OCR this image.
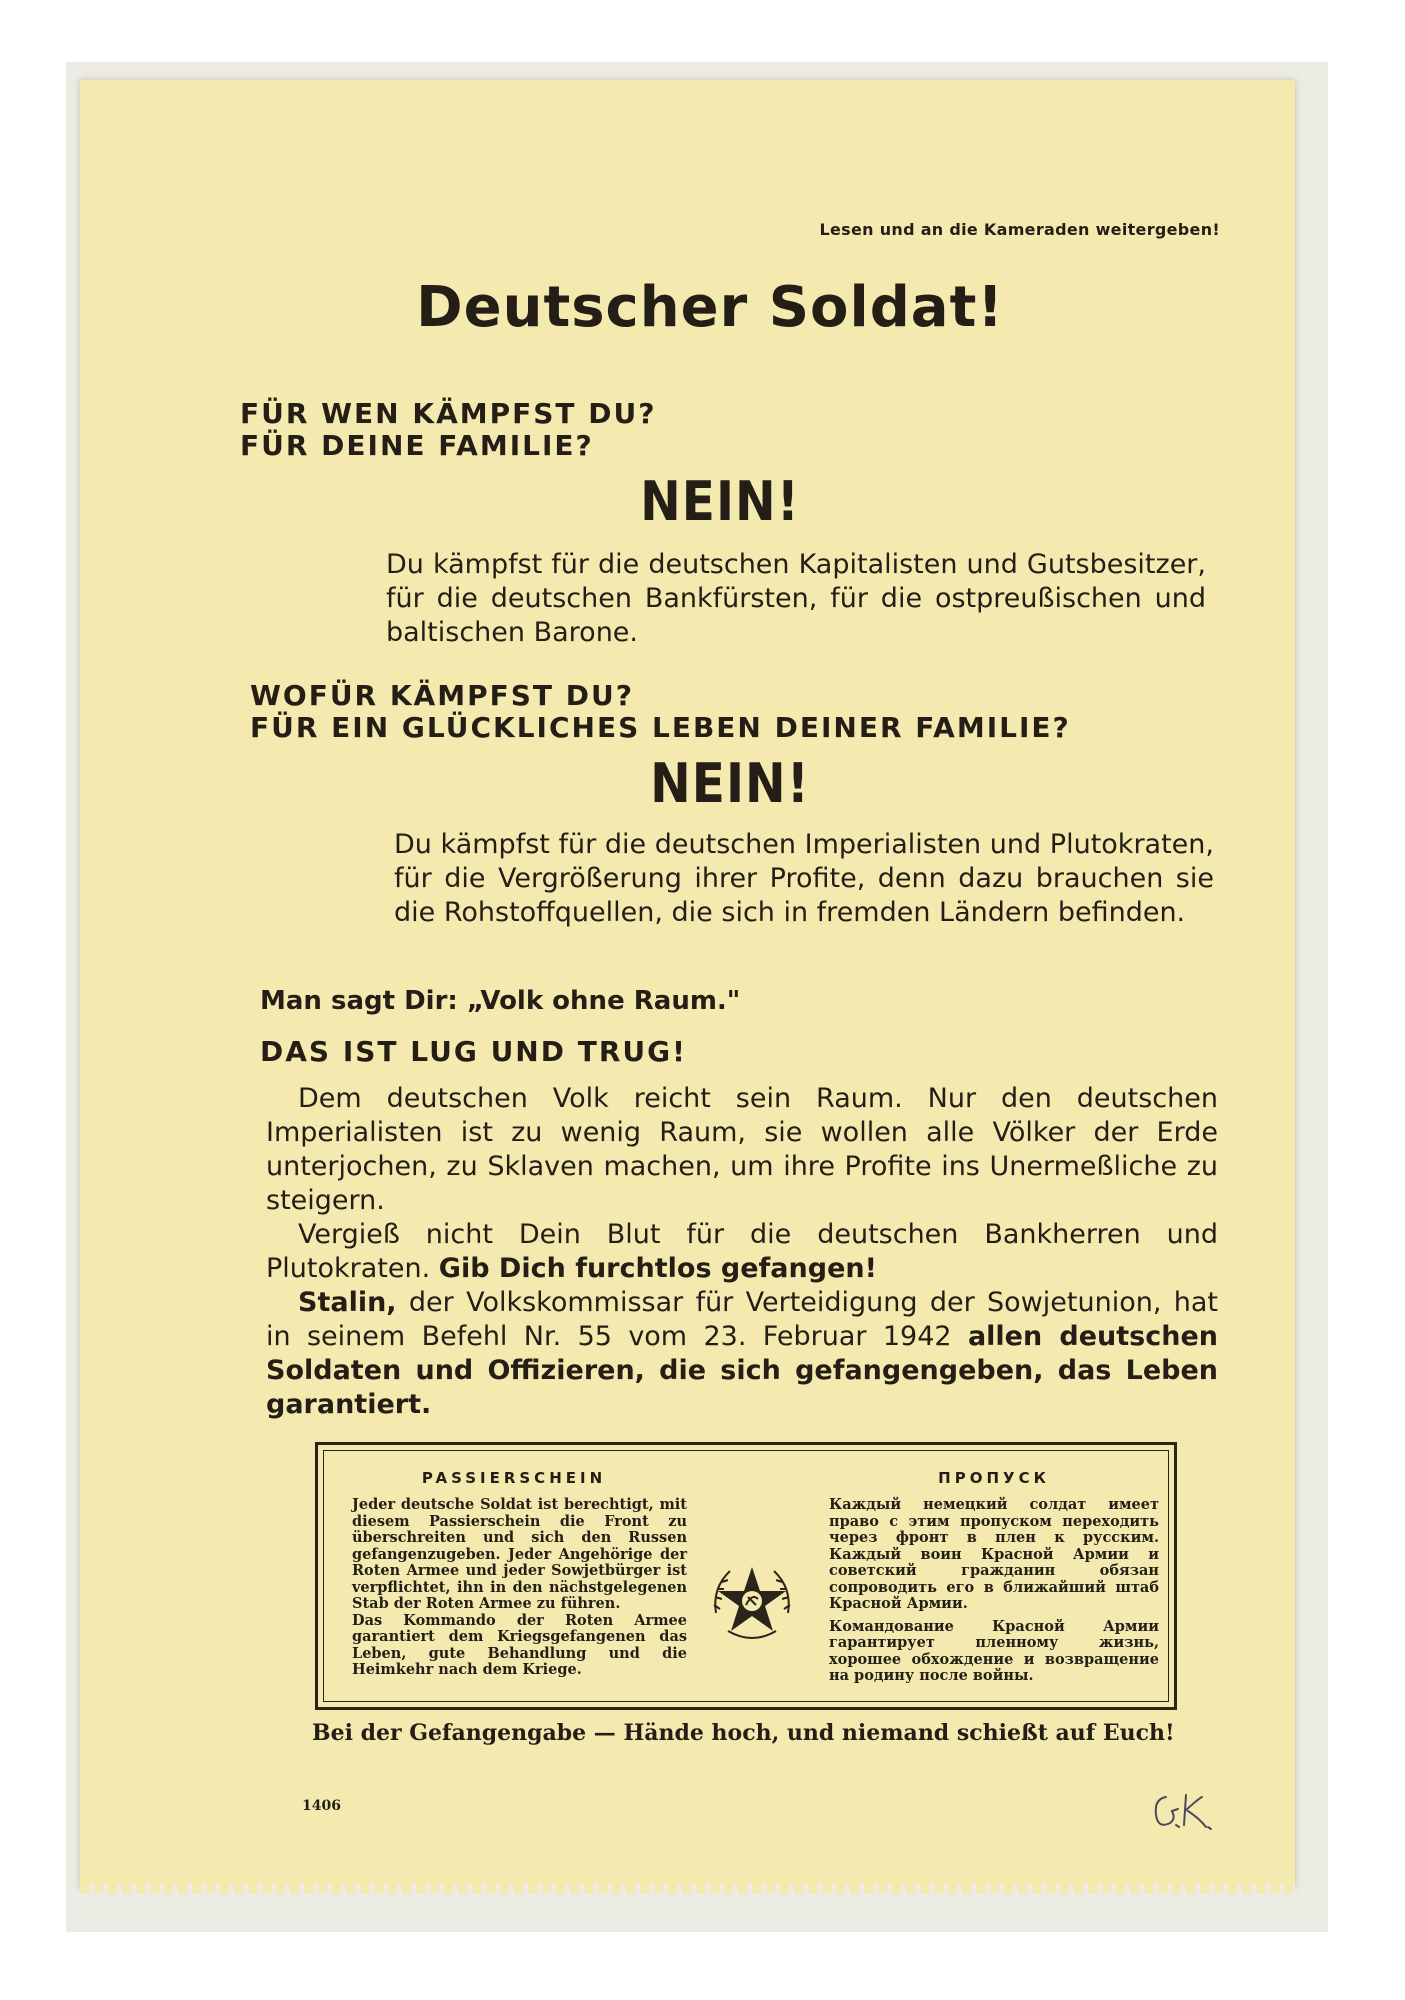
Lesen und an die Kameraden weitergeben!

Deutscher Soldat!
FÜR WEN KÄMPFST DU?
FÜR DEINE FAMILIE?
NEIN!

Du kämpfst für die deutschen Kapitalisten und Gutsbesitzer, für die deutschen Bankfürsten, für die ostpreußischen und baltischen Barone.

WOFÜR KÄMPFST DU?
FÜR EIN GLÜCKLICHES LEBEN DEINER FAMILIE?
NEIN!

Du kämpfst für die deutschen Imperialisten und Plutokraten, für die Vergrößerung ihrer Profite, denn dazu brauchen sie die Rohstoffquellen, die sich in fremden Ländern befinden.

Man sagt Dir: „Volk ohne Raum."

DAS IST LUG UND TRUG!
Dem deutschen Volk reicht sein Raum. Nur den deutschen Imperialisten ist zu wenig Raum, sie wollen alle Völker der Erde unterjochen, zu Sklaven machen, um ihre Profite ins Unermeßliche zu steigern.
Vergieß nicht Dein Blut für die deutschen Bankherren und Plutokraten. Gib Dich furchtlos gefangen!
Stalin, der Volkskommissar für Verteidigung der Sowjetunion, hat in seinem Befehl Nr. 55 vom 23. Februar 1942 allen deutschen Soldaten und Offizieren, die sich gefangengeben, das Leben garantiert.
PASSIERSCHEIN
Jeder deutsche Soldat ist berechtigt, mit diesem Passierschein die Front zu überschreiten und sich den Russen gefangenzugeben. Jeder Angehörige der Roten Armee und jeder Sowjetbürger ist verpflichtet, ihn in den nächstgelegenen Stab der Roten Armee zu führen.
Das Kommando der Roten Armee garantiert dem Kriegsgefangenen das Leben, gute Behandlung und die Heimkehr nach dem Kriege.
ПРОПУСК
Каждый немецкий солдат имеет право с этим пропуском переходить через фронт в плен к русским. Каждый воин Красной Армии и советский гражданин обязан сопроводить его в ближайший штаб Красной Армии.
Командование Красной Армии гарантирует пленному жизнь, хорошее обхождение и возвращение на родину после войны.

Bei der Gefangengabe — Hände hoch, und niemand schießt auf Euch!

1406
